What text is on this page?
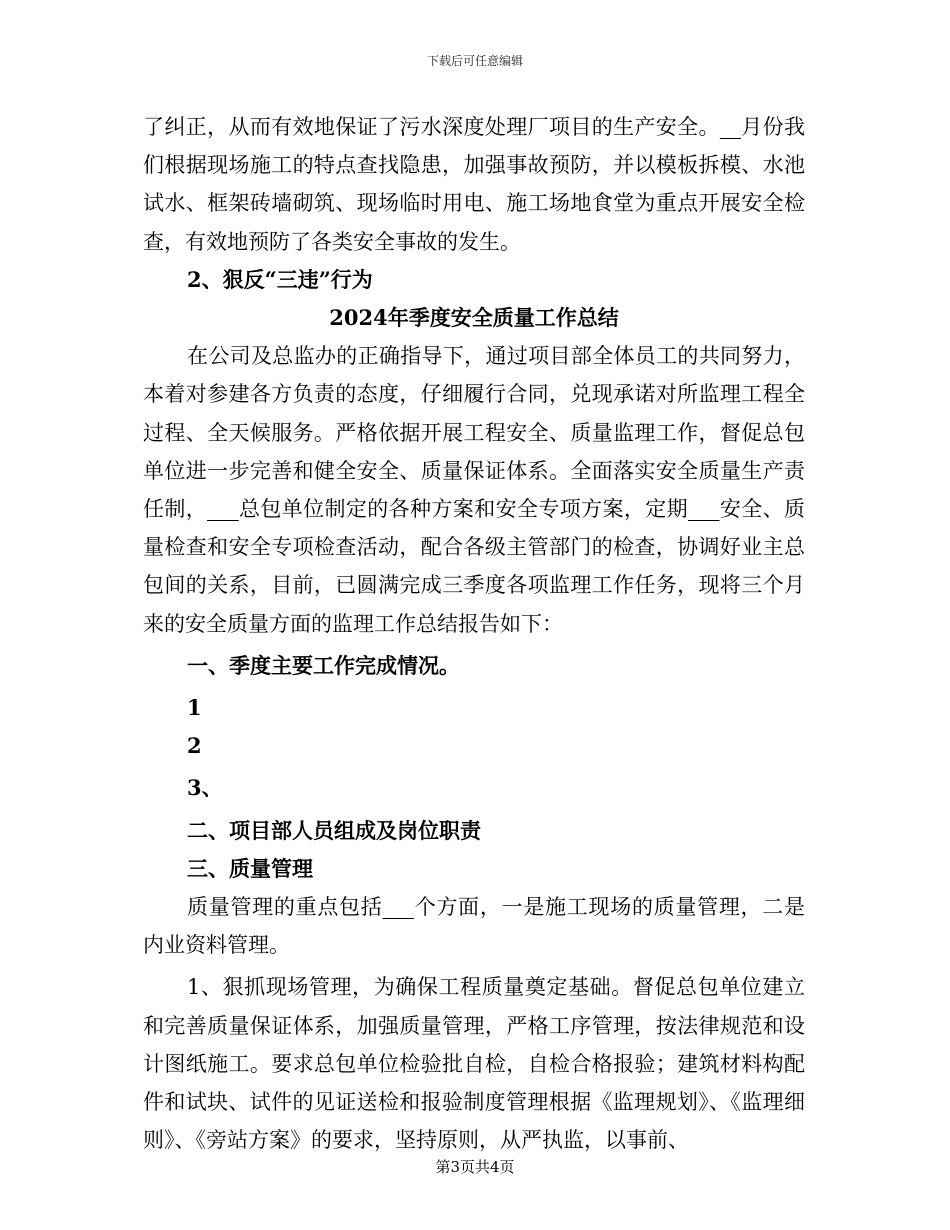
下载后可任意编辑

了纠正，从而有效地保证了污水深度处理厂项目的生产安全。__月份我们根据现场施工的特点查找隐患，加强事故预防，并以模板拆模、水池试水、框架砖墙砌筑、现场临时用电、施工场地食堂为重点开展安全检查，有效地预防了各类安全事故的发生。

2、狠反“三违”行为

2024年季度安全质量工作总结

在公司及总监办的正确指导下，通过项目部全体员工的共同努力，本着对参建各方负责的态度，仔细履行合同，兑现承诺对所监理工程全过程、全天候服务。严格依据开展工程安全、质量监理工作，督促总包单位进一步完善和健全安全、质量保证体系。全面落实安全质量生产责任制，___总包单位制定的各种方案和安全专项方案，定期___安全、质量检查和安全专项检查活动，配合各级主管部门的检查，协调好业主总包间的关系，目前，已圆满完成三季度各项监理工作任务，现将三个月来的安全质量方面的监理工作总结报告如下：

一、季度主要工作完成情况。

1

2

3、

二、项目部人员组成及岗位职责

三、质量管理

质量管理的重点包括___个方面，一是施工现场的质量管理，二是内业资料管理。

1、狠抓现场管理，为确保工程质量奠定基础。督促总包单位建立和完善质量保证体系，加强质量管理，严格工序管理，按法律规范和设计图纸施工。要求总包单位检验批自检，自检合格报验；建筑材料构配件和试块、试件的见证送检和报验制度管理根据《监理规划》、《监理细则》、《旁站方案》的要求，坚持原则，从严执监，以事前、

第3页共4页
